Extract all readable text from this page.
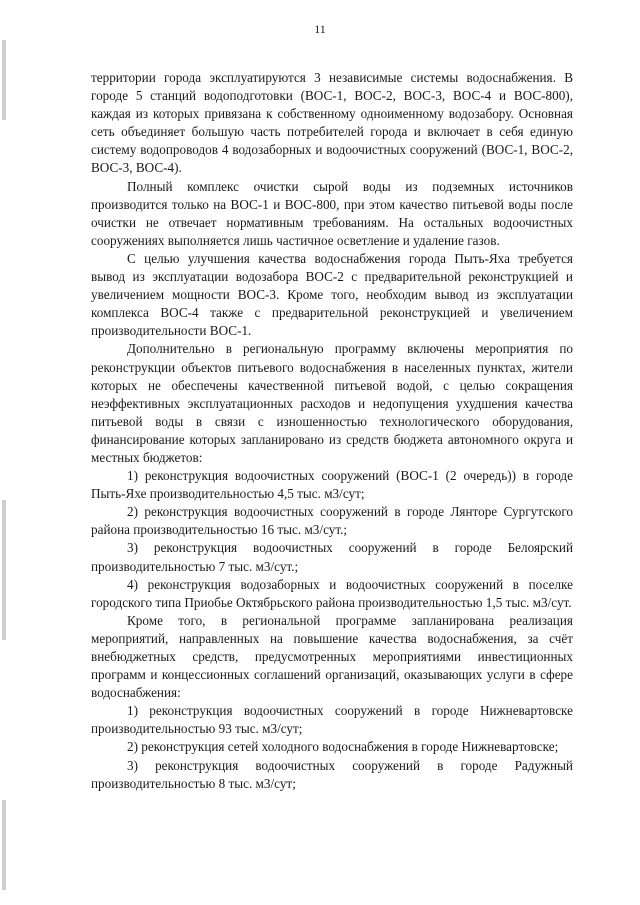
11

территории города эксплуатируются 3 независимые системы водоснабжения. В городе 5 станций водоподготовки (ВОС-1, ВОС-2, ВОС-3, ВОС-4 и ВОС-800), каждая из которых привязана к собственному одноименному водозабору. Основная сеть объединяет большую часть потребителей города и включает в себя единую систему водопроводов 4 водозаборных и водоочистных сооружений (ВОС-1, ВОС-2, ВОС-3, ВОС-4).

Полный комплекс очистки сырой воды из подземных источников производится только на ВОС-1 и ВОС-800, при этом качество питьевой воды после очистки не отвечает нормативным требованиям. На остальных водоочистных сооружениях выполняется лишь частичное осветление и удаление газов.

С целью улучшения качества водоснабжения города Пыть-Яха требуется вывод из эксплуатации водозабора ВОС-2 с предварительной реконструкцией и увеличением мощности ВОС-3. Кроме того, необходим вывод из эксплуатации комплекса ВОС-4 также с предварительной реконструкцией и увеличением производительности ВОС-1.

Дополнительно в региональную программу включены мероприятия по реконструкции объектов питьевого водоснабжения в населенных пунктах, жители которых не обеспечены качественной питьевой водой, с целью сокращения неэффективных эксплуатационных расходов и недопущения ухудшения качества питьевой воды в связи с изношенностью технологического оборудования, финансирование которых запланировано из средств бюджета автономного округа и местных бюджетов:

1) реконструкция водоочистных сооружений (ВОС-1 (2 очередь)) в городе Пыть-Яхе производительностью 4,5 тыс. м3/сут;

2) реконструкция водоочистных сооружений в городе Лянторе Сургутского района производительностью 16 тыс. м3/сут.;

3) реконструкция водоочистных сооружений в городе Белоярский производительностью 7 тыс. м3/сут.;

4) реконструкция водозаборных и водоочистных сооружений в поселке городского типа Приобье Октябрьского района производительностью 1,5 тыс. м3/сут.

Кроме того, в региональной программе запланирована реализация мероприятий, направленных на повышение качества водоснабжения, за счёт внебюджетных средств, предусмотренных мероприятиями инвестиционных программ и концессионных соглашений организаций, оказывающих услуги в сфере водоснабжения:

1) реконструкция водоочистных сооружений в городе Нижневартовске производительностью 93 тыс. м3/сут;

2) реконструкция сетей холодного водоснабжения в городе Нижневартовске;

3) реконструкция водоочистных сооружений в городе Радужный производительностью 8 тыс. м3/сут;
